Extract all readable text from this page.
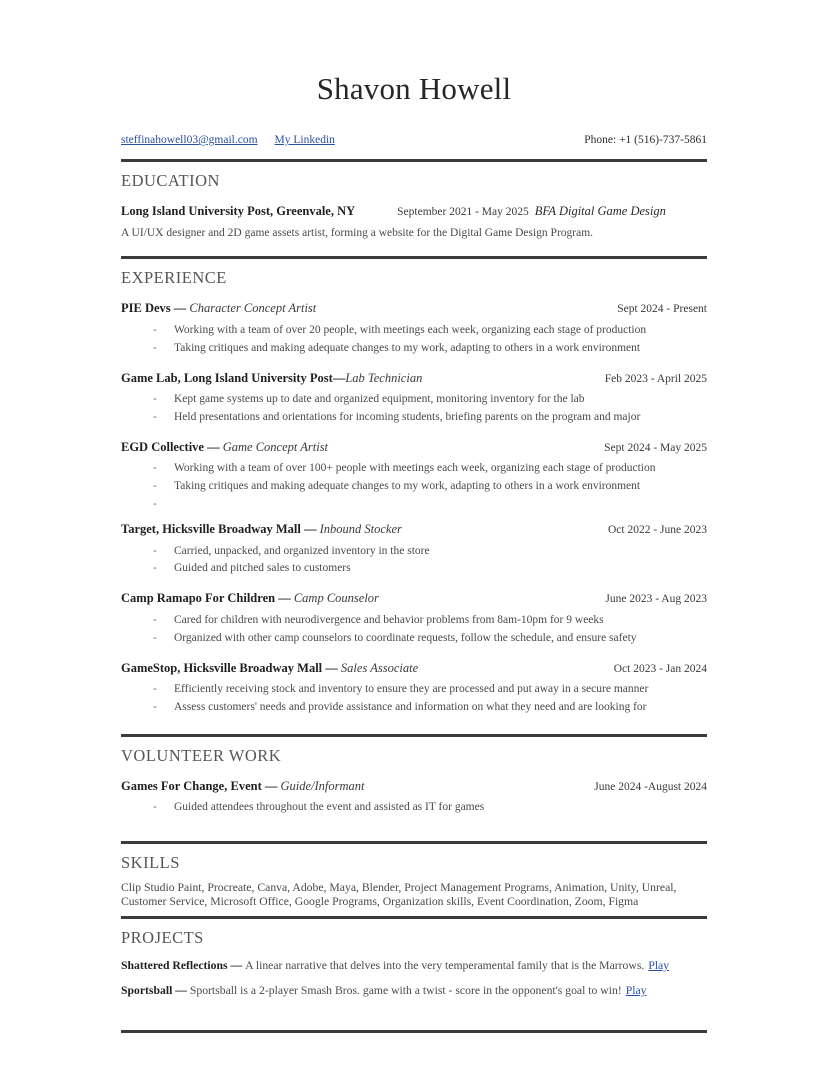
Shavon Howell
steffinahowell03@gmail.com My Linkedin	Phone: +1 (516)-737-5861
EDUCATION
Long Island University Post, Greenvale, NY	September 2021 - May 2025 BFA Digital Game Design
A UI/UX designer and 2D game assets artist, forming a website for the Digital Game Design Program.
EXPERIENCE
PIE Devs — Character Concept Artist	Sept 2024 - Present
- Working with a team of over 20 people, with meetings each week, organizing each stage of production
- Taking critiques and making adequate changes to my work, adapting to others in a work environment
Game Lab, Long Island University Post— Lab Technician	Feb 2023 - April 2025
- Kept game systems up to date and organized equipment, monitoring inventory for the lab
- Held presentations and orientations for incoming students, briefing parents on the program and major
EGD Collective — Game Concept Artist	Sept 2024 - May 2025
- Working with a team of over 100+ people with meetings each week, organizing each stage of production
- Taking critiques and making adequate changes to my work, adapting to others in a work environment
-
Target, Hicksville Broadway Mall — Inbound Stocker	Oct 2022 - June 2023
- Carried, unpacked, and organized inventory in the store
- Guided and pitched sales to customers
Camp Ramapo For Children — Camp Counselor	June 2023 - Aug 2023
- Cared for children with neurodivergence and behavior problems from 8am-10pm for 9 weeks
- Organized with other camp counselors to coordinate requests, follow the schedule, and ensure safety
GameStop, Hicksville Broadway Mall — Sales Associate	Oct 2023 - Jan 2024
- Efficiently receiving stock and inventory to ensure they are processed and put away in a secure manner
- Assess customers' needs and provide assistance and information on what they need and are looking for
VOLUNTEER WORK
Games For Change, Event — Guide/Informant	June 2024 -August 2024
- Guided attendees throughout the event and assisted as IT for games
SKILLS
Clip Studio Paint, Procreate, Canva, Adobe, Maya, Blender, Project Management Programs, Animation, Unity, Unreal, Customer Service, Microsoft Office, Google Programs, Organization skills, Event Coordination, Zoom, Figma
PROJECTS
Shattered Reflections — A linear narrative that delves into the very temperamental family that is the Marrows. Play
Sportsball — Sportsball is a 2-player Smash Bros. game with a twist - score in the opponent's goal to win! Play
